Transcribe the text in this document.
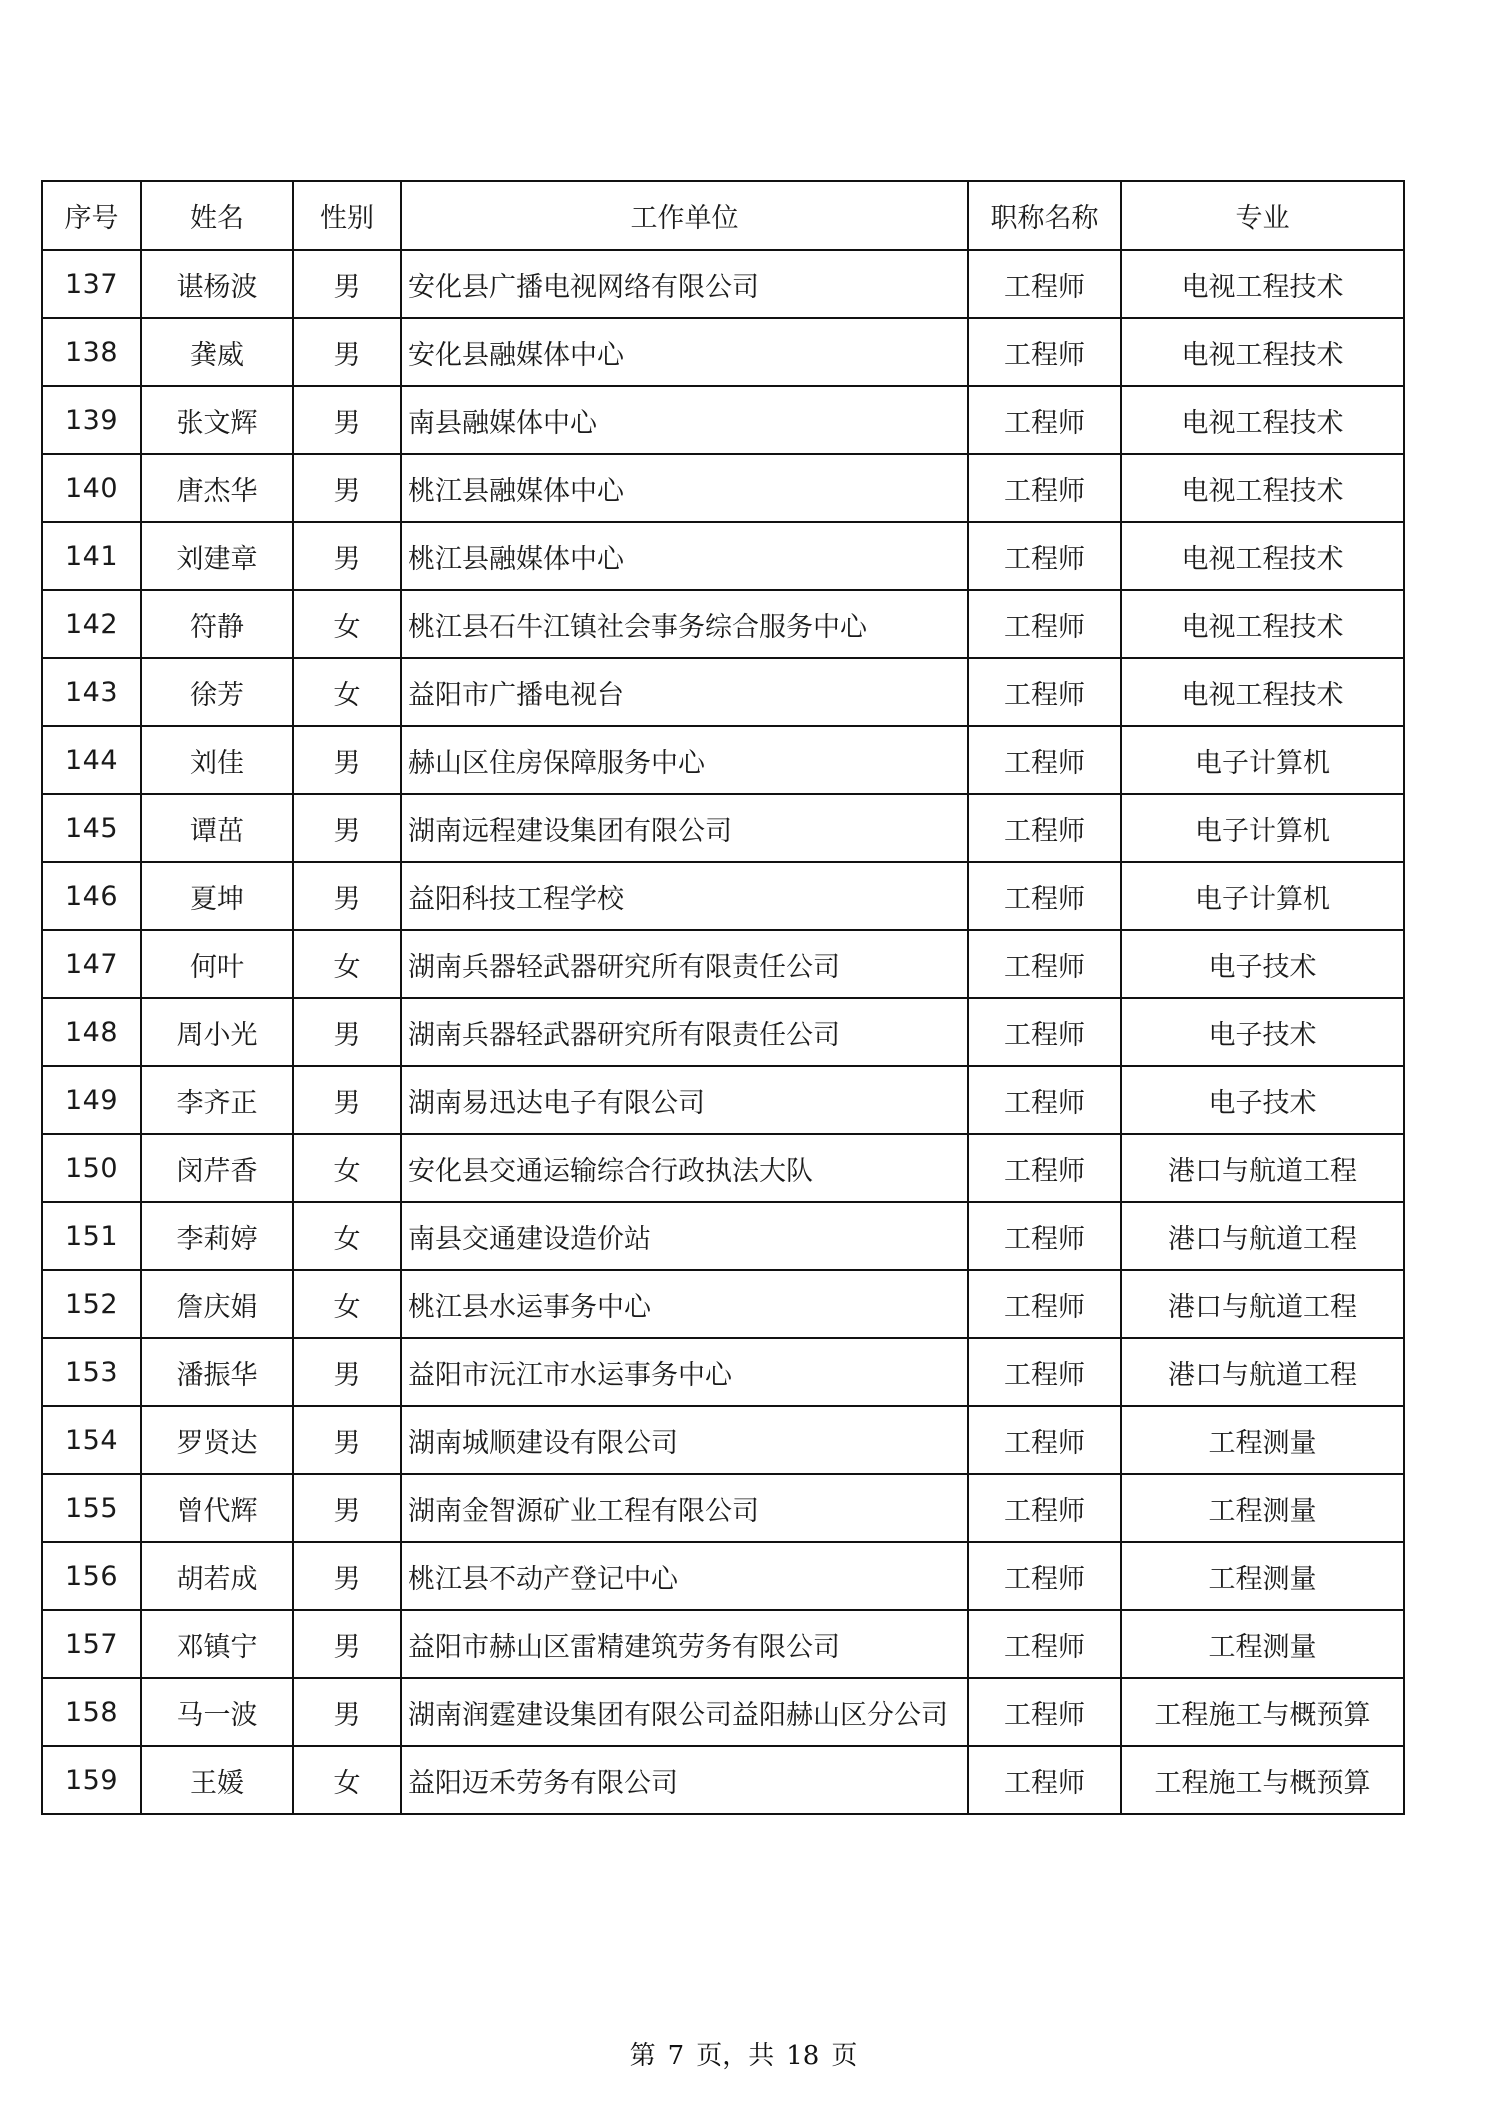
序号	姓名	性别	工作单位	职称名称	专业
137	谌杨波	男	安化县广播电视网络有限公司	工程师	电视工程技术
138	龚威	男	安化县融媒体中心	工程师	电视工程技术
139	张文辉	男	南县融媒体中心	工程师	电视工程技术
140	唐杰华	男	桃江县融媒体中心	工程师	电视工程技术
141	刘建章	男	桃江县融媒体中心	工程师	电视工程技术
142	符静	女	桃江县石牛江镇社会事务综合服务中心	工程师	电视工程技术
143	徐芳	女	益阳市广播电视台	工程师	电视工程技术
144	刘佳	男	赫山区住房保障服务中心	工程师	电子计算机
145	谭茁	男	湖南远程建设集团有限公司	工程师	电子计算机
146	夏坤	男	益阳科技工程学校	工程师	电子计算机
147	何叶	女	湖南兵器轻武器研究所有限责任公司	工程师	电子技术
148	周小光	男	湖南兵器轻武器研究所有限责任公司	工程师	电子技术
149	李齐正	男	湖南易迅达电子有限公司	工程师	电子技术
150	闵芹香	女	安化县交通运输综合行政执法大队	工程师	港口与航道工程
151	李莉婷	女	南县交通建设造价站	工程师	港口与航道工程
152	詹庆娟	女	桃江县水运事务中心	工程师	港口与航道工程
153	潘振华	男	益阳市沅江市水运事务中心	工程师	港口与航道工程
154	罗贤达	男	湖南城顺建设有限公司	工程师	工程测量
155	曾代辉	男	湖南金智源矿业工程有限公司	工程师	工程测量
156	胡若成	男	桃江县不动产登记中心	工程师	工程测量
157	邓镇宁	男	益阳市赫山区雷精建筑劳务有限公司	工程师	工程测量
158	马一波	男	湖南润霆建设集团有限公司益阳赫山区分公司	工程师	工程施工与概预算
159	王媛	女	益阳迈禾劳务有限公司	工程师	工程施工与概预算
第 7 页，共 18 页
